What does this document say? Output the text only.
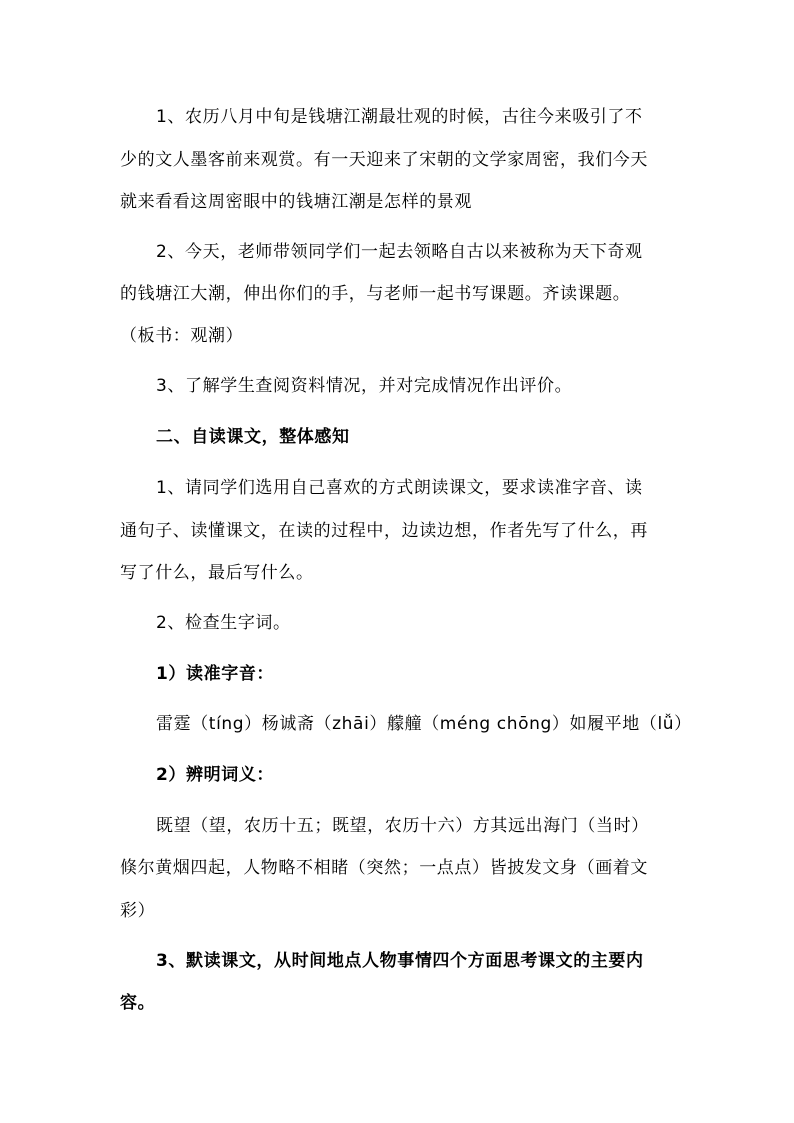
1、农历八月中旬是钱塘江潮最壮观的时候，古往今来吸引了不
少的文人墨客前来观赏。有一天迎来了宋朝的文学家周密，我们今天
就来看看这周密眼中的钱塘江潮是怎样的景观
2、今天，老师带领同学们一起去领略自古以来被称为天下奇观
的钱塘江大潮，伸出你们的手，与老师一起书写课题。齐读课题。
（板书：观潮）
3、了解学生查阅资料情况，并对完成情况作出评价。
二、自读课文，整体感知
1、请同学们选用自己喜欢的方式朗读课文，要求读准字音、读
通句子、读懂课文，在读的过程中，边读边想，作者先写了什么，再
写了什么，最后写什么。
2、检查生字词。
1）读准字音：
雷霆（tíng）杨诚斋（zhāi）艨艟（méng chōng）如履平地（lǚ）
2）辨明词义：
既望（望，农历十五；既望，农历十六）方其远出海门（当时）
倏尔黄烟四起，人物略不相睹（突然；一点点）皆披发文身（画着文
彩）
3、默读课文，从时间地点人物事情四个方面思考课文的主要内
容。
